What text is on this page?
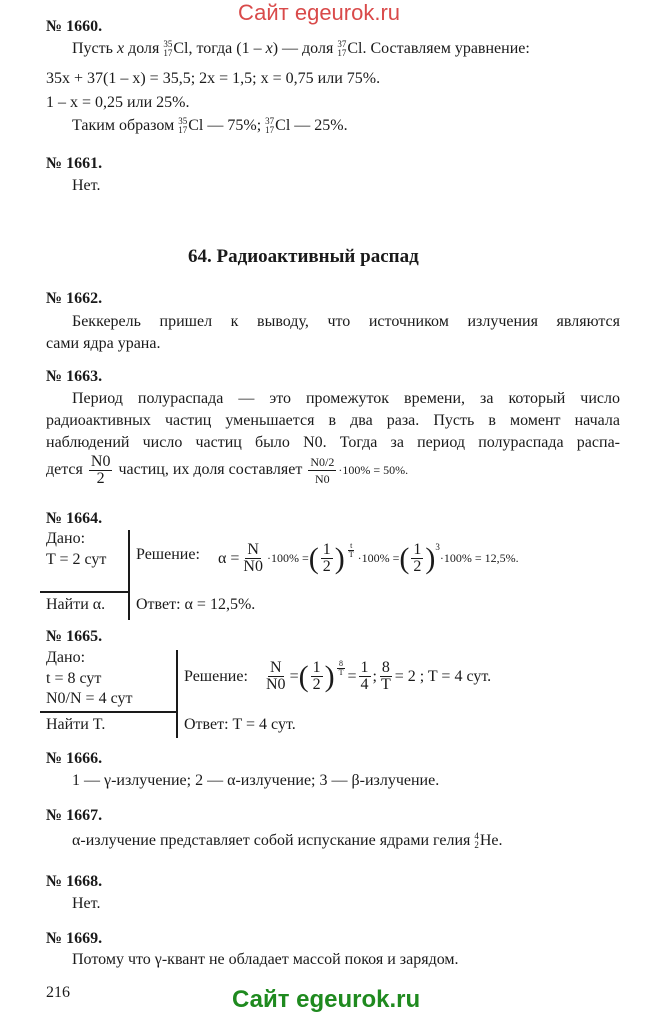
Сайт egeurok.ru
№ 1660.
Пусть x доля 35
17 Cl, тогда (1 – x) — доля 37
17 Cl. Составляем уравнение:
35x + 37(1 – x) = 35,5; 2x = 1,5; x = 0,75 или 75%.
1 – x = 0,25 или 25%.
Таким образом 35
17 Cl — 75%; 37
17 Cl — 25%.
№ 1661.
Нет.
64. Радиоактивный распад
№ 1662.
Беккерель пришел к выводу, что источником излучения являются
сами ядра урана.
№ 1663.
Период полураспада — это промежуток времени, за который число
радиоактивных частиц уменьшается в два раза. Пусть в момент начала
наблюдений число частиц было N0. Тогда за период полураспада распа-
дется $\frac{N0}{2}$ частиц, их доля составляет $\frac{N0/2}{N0} \cdot 100\% = 50\%$.
№ 1664.
Дано:
T = 2 сут
Найти α.
Решение: $\alpha = \frac{N}{N0} \cdot 100\%$ = ( $\frac{1}{2}$ ) $\frac{t}{T} \cdot 100\%$ = ( $\frac{1}{2}$ ) 3
·100% = 12,5%.
Ответ: α = 12,5%.
№ 1665.
Дано:
t = 8 сут
N0/N = 4 сут
Найти T.
Решение: $\frac{N}{N0}$ = ( $\frac{1}{2}$ ) $\frac{8}{T} = \frac{1}{4}$ ; $\frac{8}{T} = 2$ ; T = 4 сут.
Ответ: T = 4 сут.
№ 1666.
1 — γ-излучение; 2 — α-излучение; 3 — β-излучение.
№ 1667.
α-излучение представляет собой испускание ядрами гелия 4
2 He.
№ 1668.
Нет.
№ 1669.
Потому что γ-квант не обладает массой покоя и зарядом.
216	Сайт egeurok.ru
